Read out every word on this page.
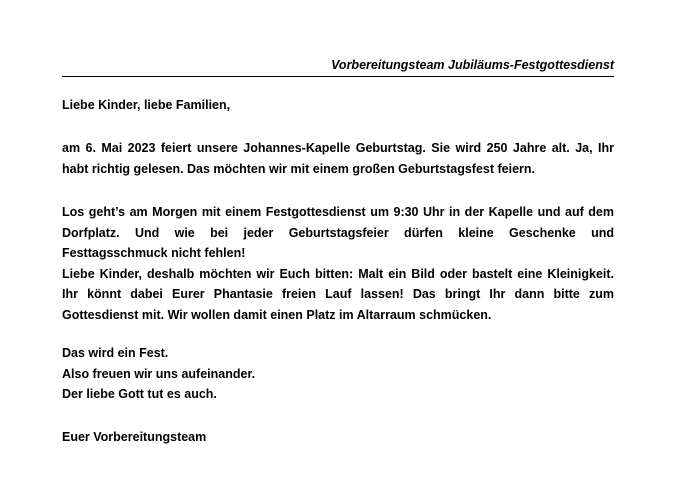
Vorbereitungsteam Jubiläums-Festgottesdienst

Liebe Kinder, liebe Familien,

am 6. Mai 2023 feiert unsere Johannes-Kapelle Geburtstag. Sie wird 250 Jahre alt. Ja, Ihr
habt richtig gelesen. Das möchten wir mit einem großen Geburtstagsfest feiern.
Los geht’s am Morgen mit einem Festgottesdienst um 9:30 Uhr in der Kapelle und auf dem
Dorfplatz. Und wie bei jeder Geburtstagsfeier dürfen kleine Geschenke und
Festtagsschmuck nicht fehlen!
Liebe Kinder, deshalb möchten wir Euch bitten: Malt ein Bild oder bastelt eine Kleinigkeit.
Ihr könnt dabei Eurer Phantasie freien Lauf lassen! Das bringt Ihr dann bitte zum
Gottesdienst mit. Wir wollen damit einen Platz im Altarraum schmücken.
Das wird ein Fest.
Also freuen wir uns aufeinander.
Der liebe Gott tut es auch.

Euer Vorbereitungsteam
